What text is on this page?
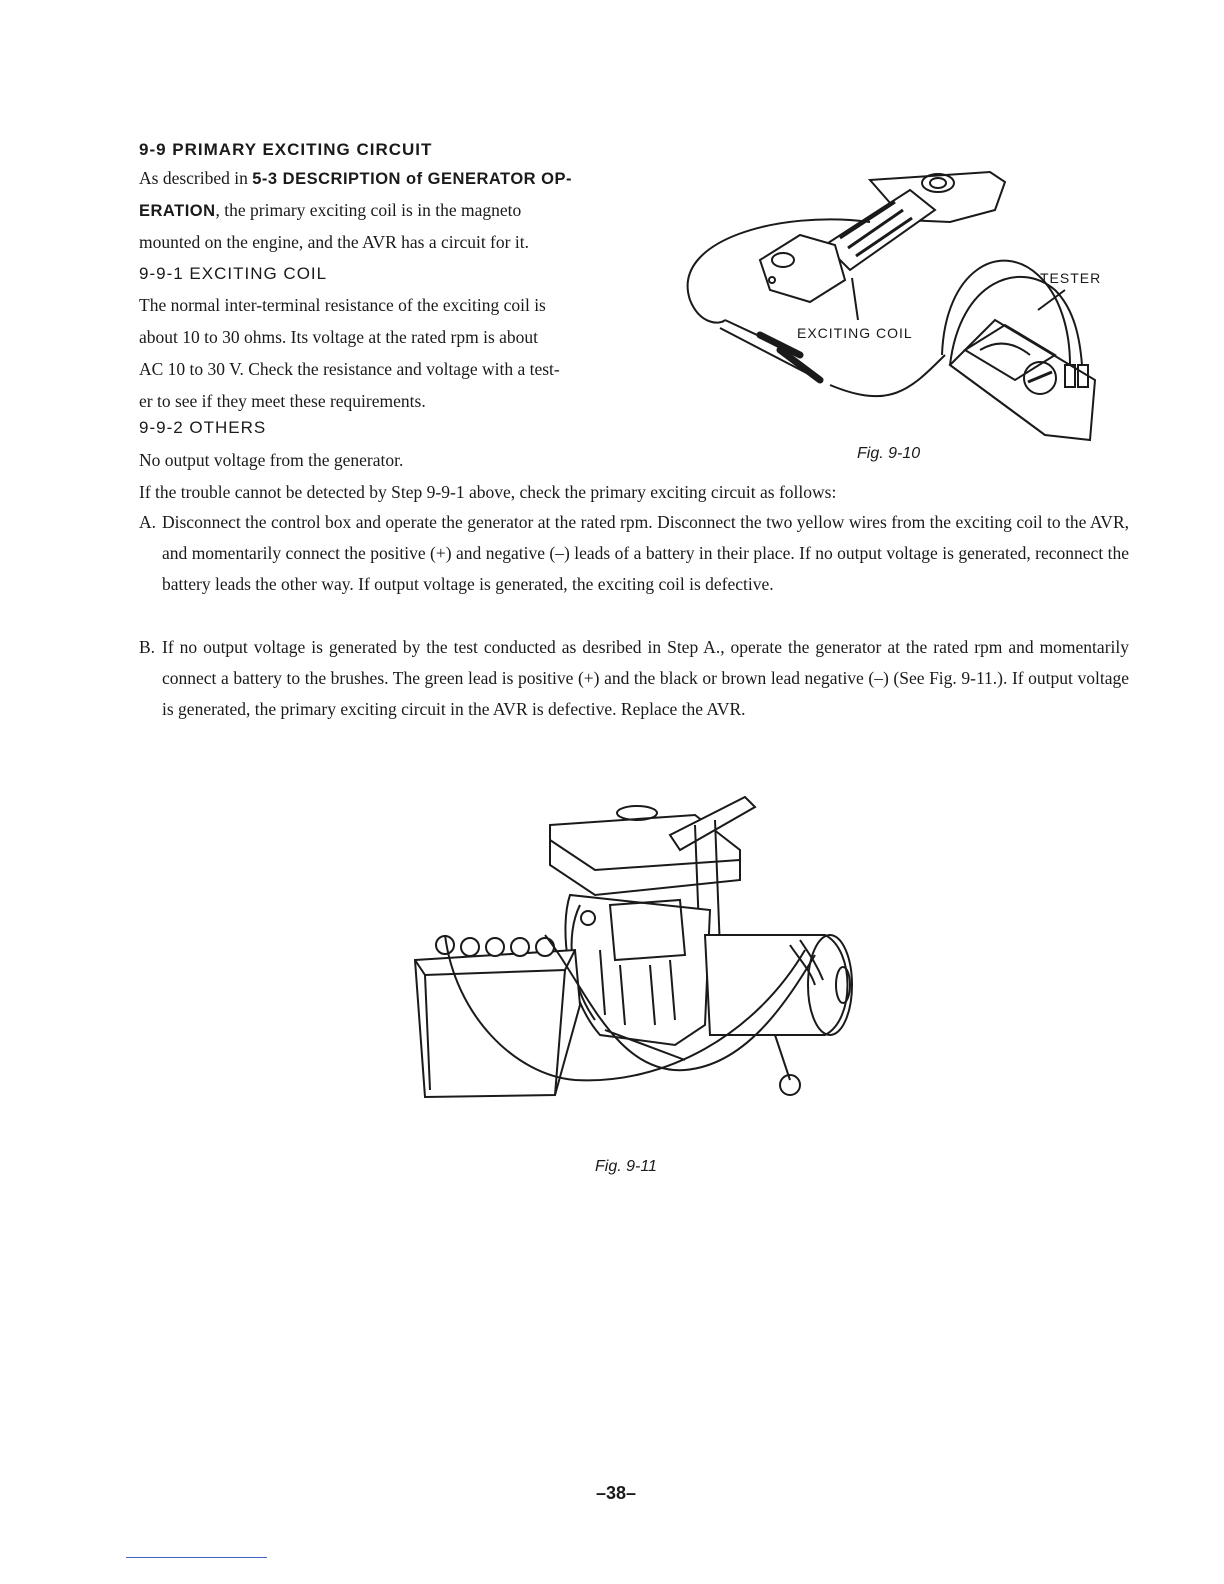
9-9 PRIMARY EXCITING CIRCUIT
As described in 5-3 DESCRIPTION of GENERATOR OP-
ERATION, the primary exciting coil is in the magneto
mounted on the engine, and the AVR has a circuit for it.
9-9-1 EXCITING COIL
The normal inter-terminal resistance of the exciting coil is
about 10 to 30 ohms. Its voltage at the rated rpm is about
AC 10 to 30 V. Check the resistance and voltage with a test-
er to see if they meet these requirements.
9-9-2 OTHERS
No output voltage from the generator.
If the trouble cannot be detected by Step 9-9-1 above, check the primary exciting circuit as follows:
A. Disconnect the control box and operate the generator at the rated rpm. Disconnect the two yellow wires from the exciting coil to the AVR, and momentarily connect the positive (+) and negative (–) leads of a battery in their place. If no output voltage is generated, reconnect the battery leads the other way. If output voltage is generated, the exciting coil is defective.
B. If no output voltage is generated by the test conducted as desribed in Step A., operate the generator at the rated rpm and momentarily connect a battery to the brushes. The green lead is positive (+) and the black or brown lead negative (–) (See Fig. 9-11.). If output voltage is generated, the primary exciting circuit in the AVR is defective. Replace the AVR.
TESTER
EXCITING COIL
Fig. 9-10
Fig. 9-11
–38–
